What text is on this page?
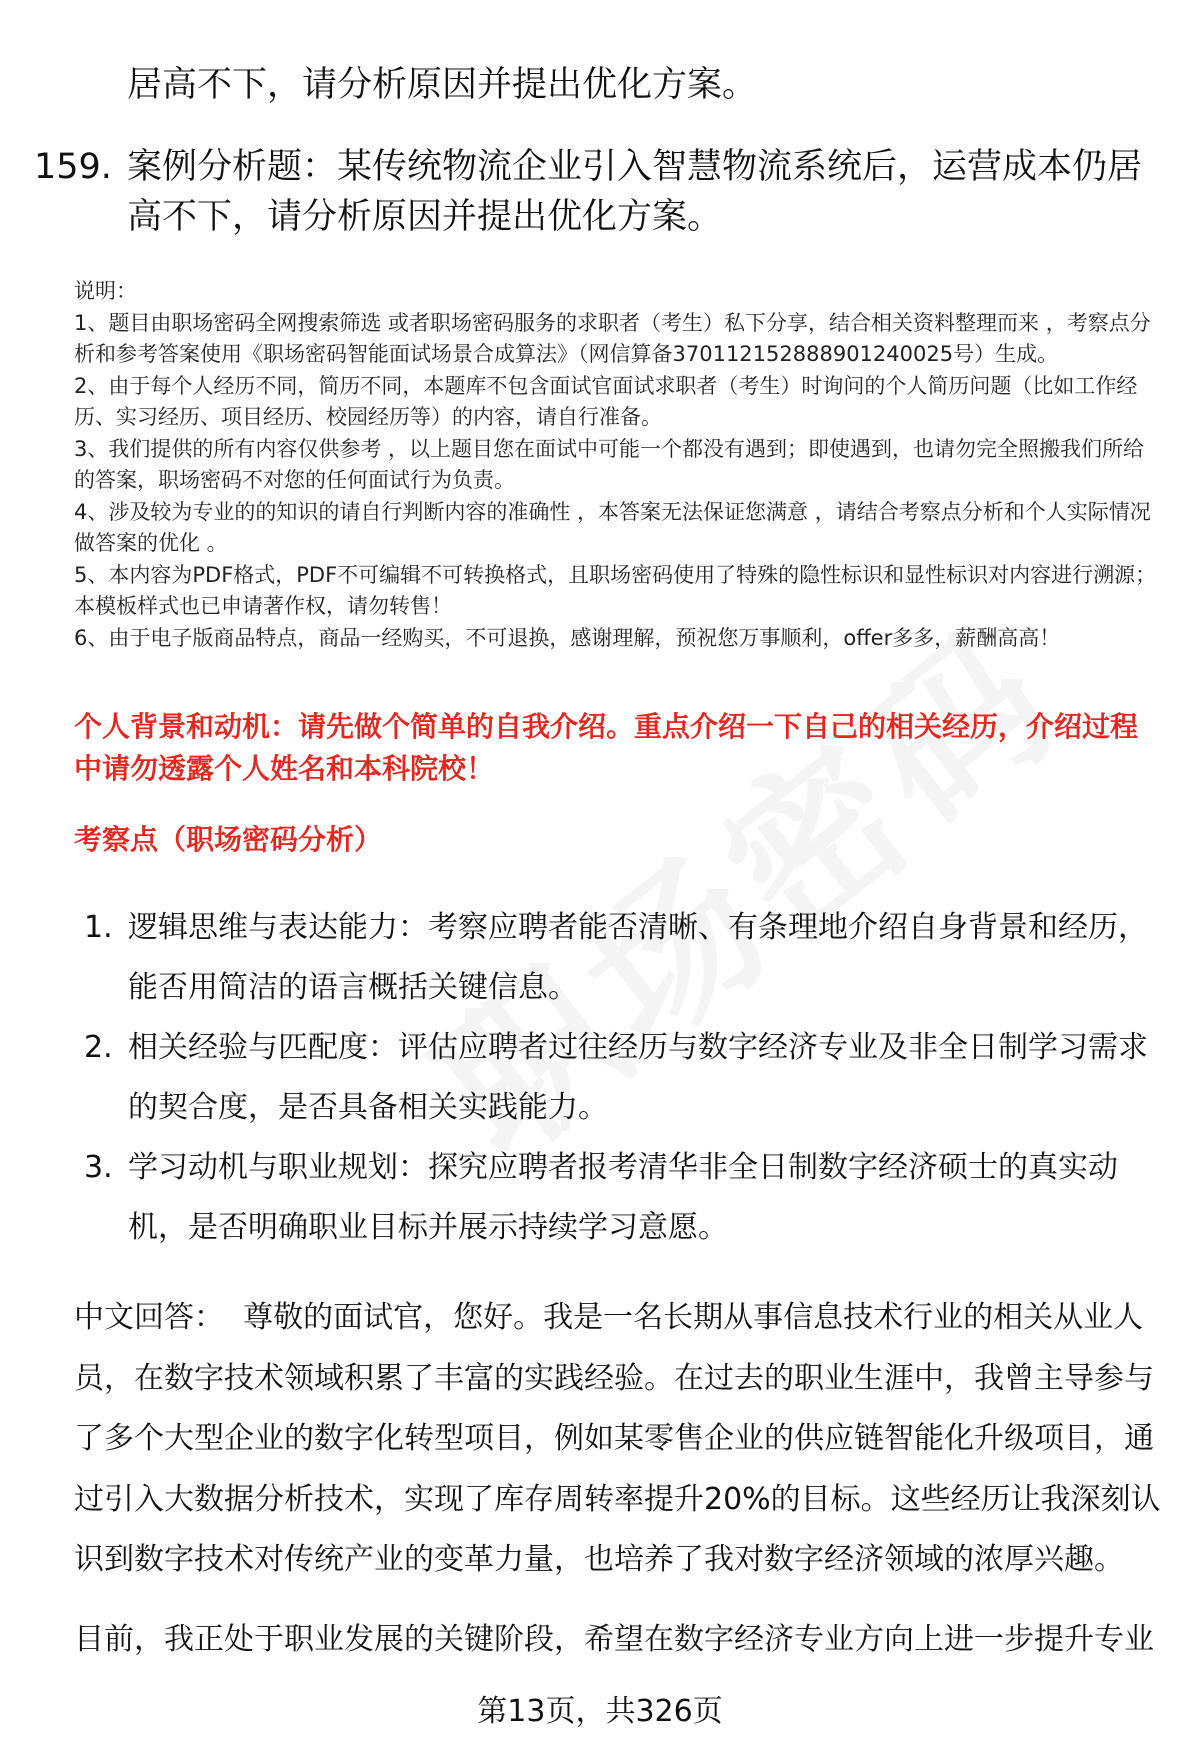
居高不下，请分析原因并提出优化方案。
159. 案例分析题：某传统物流企业引入智慧物流系统后，运营成本仍居高不下，请分析原因并提出优化方案。
说明：
1、题目由职场密码全网搜索筛选 或者职场密码服务的求职者（考生）私下分享，结合相关资料整理而来 ，考察点分析和参考答案使用《职场密码智能面试场景合成算法》（网信算备370112152888901240025号）生成。
2、由于每个人经历不同，简历不同，本题库不包含面试官面试求职者（考生）时询问的个人简历问题（比如工作经历、实习经历、项目经历、校园经历等）的内容，请自行准备。
3、我们提供的所有内容仅供参考 ，以上题目您在面试中可能一个都没有遇到；即使遇到，也请勿完全照搬我们所给的答案，职场密码不对您的任何面试行为负责。
4、涉及较为专业的的知识的请自行判断内容的准确性 ，本答案无法保证您满意 ，请结合考察点分析和个人实际情况做答案的优化 。
5、本内容为PDF格式，PDF不可编辑不可转换格式，且职场密码使用了特殊的隐性标识和显性标识对内容进行溯源；本模板样式也已申请著作权，请勿转售！
6、由于电子版商品特点，商品一经购买，不可退换，感谢理解，预祝您万事顺利，offer多多，薪酬高高！
个人背景和动机：请先做个简单的自我介绍。重点介绍一下自己的相关经历，介绍过程中请勿透露个人姓名和本科院校！
考察点（职场密码分析）
1. 逻辑思维与表达能力：考察应聘者能否清晰、有条理地介绍自身背景和经历，能否用简洁的语言概括关键信息。
2. 相关经验与匹配度：评估应聘者过往经历与数字经济专业及非全日制学习需求的契合度，是否具备相关实践能力。
3. 学习动机与职业规划：探究应聘者报考清华非全日制数字经济硕士的真实动机，是否明确职业目标并展示持续学习意愿。
中文回答： 尊敬的面试官，您好。我是一名长期从事信息技术行业的相关从业人员，在数字技术领域积累了丰富的实践经验。在过去的职业生涯中，我曾主导参与了多个大型企业的数字化转型项目，例如某零售企业的供应链智能化升级项目，通过引入大数据分析技术，实现了库存周转率提升20%的目标。这些经历让我深刻认识到数字技术对传统产业的变革力量，也培养了我对数字经济领域的浓厚兴趣。
目前，我正处于职业发展的关键阶段，希望在数字经济专业方向上进一步提升专业
第13页，共326页
